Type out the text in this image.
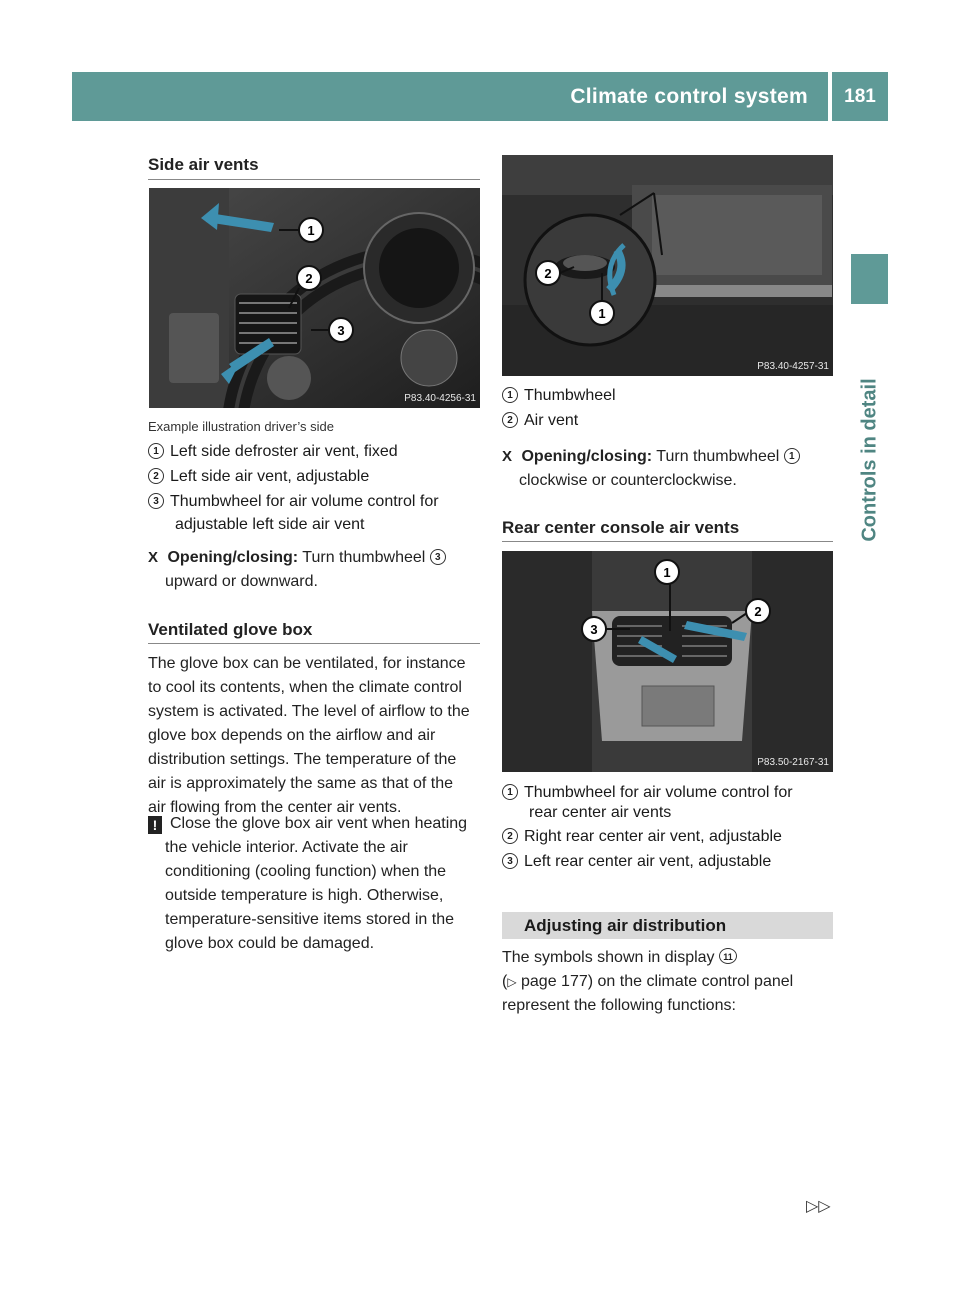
Climate control system	181
Controls in detail
Side air vents
1
2
3
P83.40-4256-31
Example illustration driver’s side
1 Left side defroster air vent, fixed
2 Left side air vent, adjustable
3 Thumbwheel for air volume control for
adjustable left side air vent
X Opening/closing: Turn thumbwheel 3
upward or downward.
Ventilated glove box
The glove box can be ventilated, for instance
to cool its contents, when the climate control
system is activated. The level of airflow to the
glove box depends on the airflow and air
distribution settings. The temperature of the
air is approximately the same as that of the
air flowing from the center air vents.
! Close the glove box air vent when heating
the vehicle interior. Activate the air
conditioning (cooling function) when the
outside temperature is high. Otherwise,
temperature-sensitive items stored in the
glove box could be damaged.
2
1
P83.40-4257-31
1 Thumbwheel
2 Air vent
X Opening/closing: Turn thumbwheel 1
clockwise or counterclockwise.
Rear center console air vents
1
2
3
P83.50-2167-31
1 Thumbwheel for air volume control for
rear center air vents
2 Right rear center air vent, adjustable
3 Left rear center air vent, adjustable
Adjusting air distribution
The symbols shown in display 11
(▷ page 177) on the climate control panel
represent the following functions:
▷▷
